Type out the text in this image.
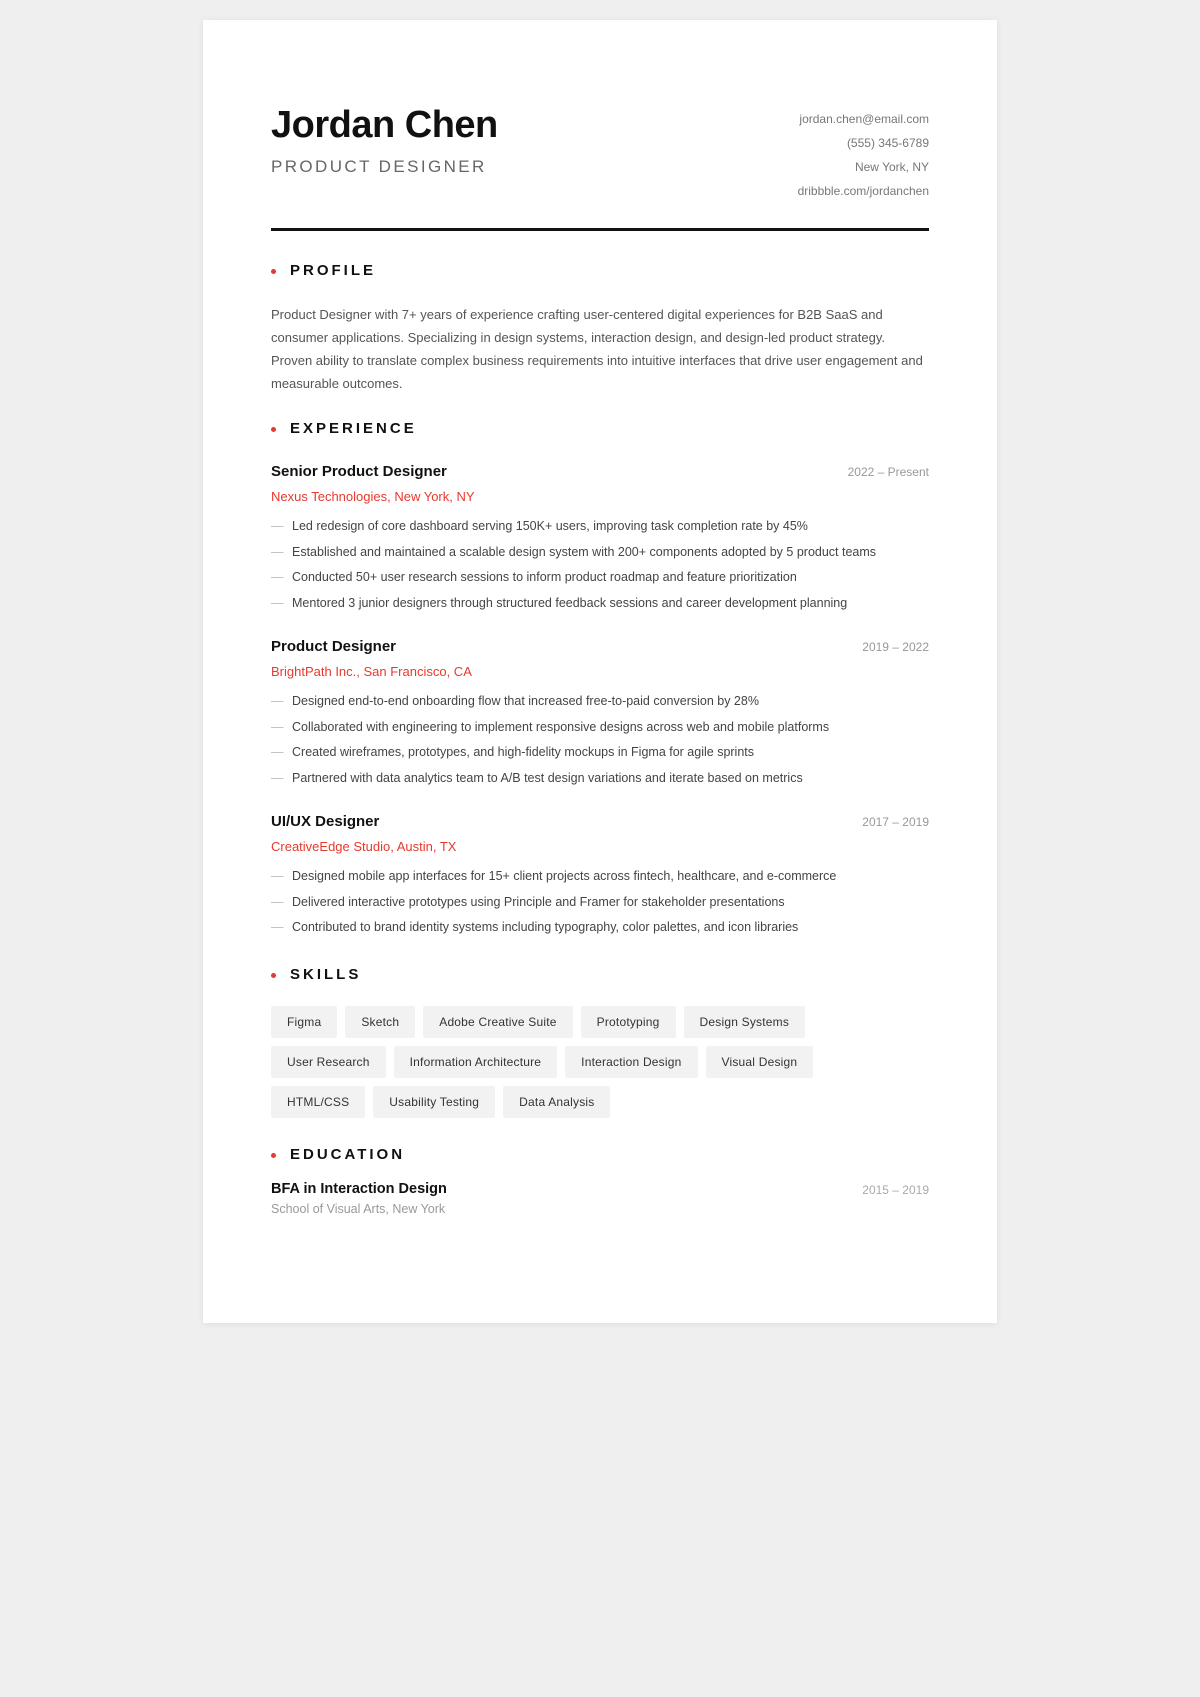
Jordan Chen
PRODUCT DESIGNER
jordan.chen@email.com
(555) 345-6789
New York, NY
dribbble.com/jordanchen
PROFILE
Product Designer with 7+ years of experience crafting user-centered digital experiences for B2B SaaS and consumer applications. Specializing in design systems, interaction design, and design-led product strategy. Proven ability to translate complex business requirements into intuitive interfaces that drive user engagement and measurable outcomes.
EXPERIENCE
Senior Product Designer	2022 – Present
Nexus Technologies, New York, NY
— Led redesign of core dashboard serving 150K+ users, improving task completion rate by 45%
— Established and maintained a scalable design system with 200+ components adopted by 5 product teams
— Conducted 50+ user research sessions to inform product roadmap and feature prioritization
— Mentored 3 junior designers through structured feedback sessions and career development planning
Product Designer	2019 – 2022
BrightPath Inc., San Francisco, CA
— Designed end-to-end onboarding flow that increased free-to-paid conversion by 28%
— Collaborated with engineering to implement responsive designs across web and mobile platforms
— Created wireframes, prototypes, and high-fidelity mockups in Figma for agile sprints
— Partnered with data analytics team to A/B test design variations and iterate based on metrics
UI/UX Designer	2017 – 2019
CreativeEdge Studio, Austin, TX
— Designed mobile app interfaces for 15+ client projects across fintech, healthcare, and e-commerce
— Delivered interactive prototypes using Principle and Framer for stakeholder presentations
— Contributed to brand identity systems including typography, color palettes, and icon libraries
SKILLS
Figma	Sketch	Adobe Creative Suite	Prototyping	Design Systems
User Research	Information Architecture	Interaction Design	Visual Design
HTML/CSS	Usability Testing	Data Analysis
EDUCATION
BFA in Interaction Design
School of Visual Arts, New York
2015 – 2019
